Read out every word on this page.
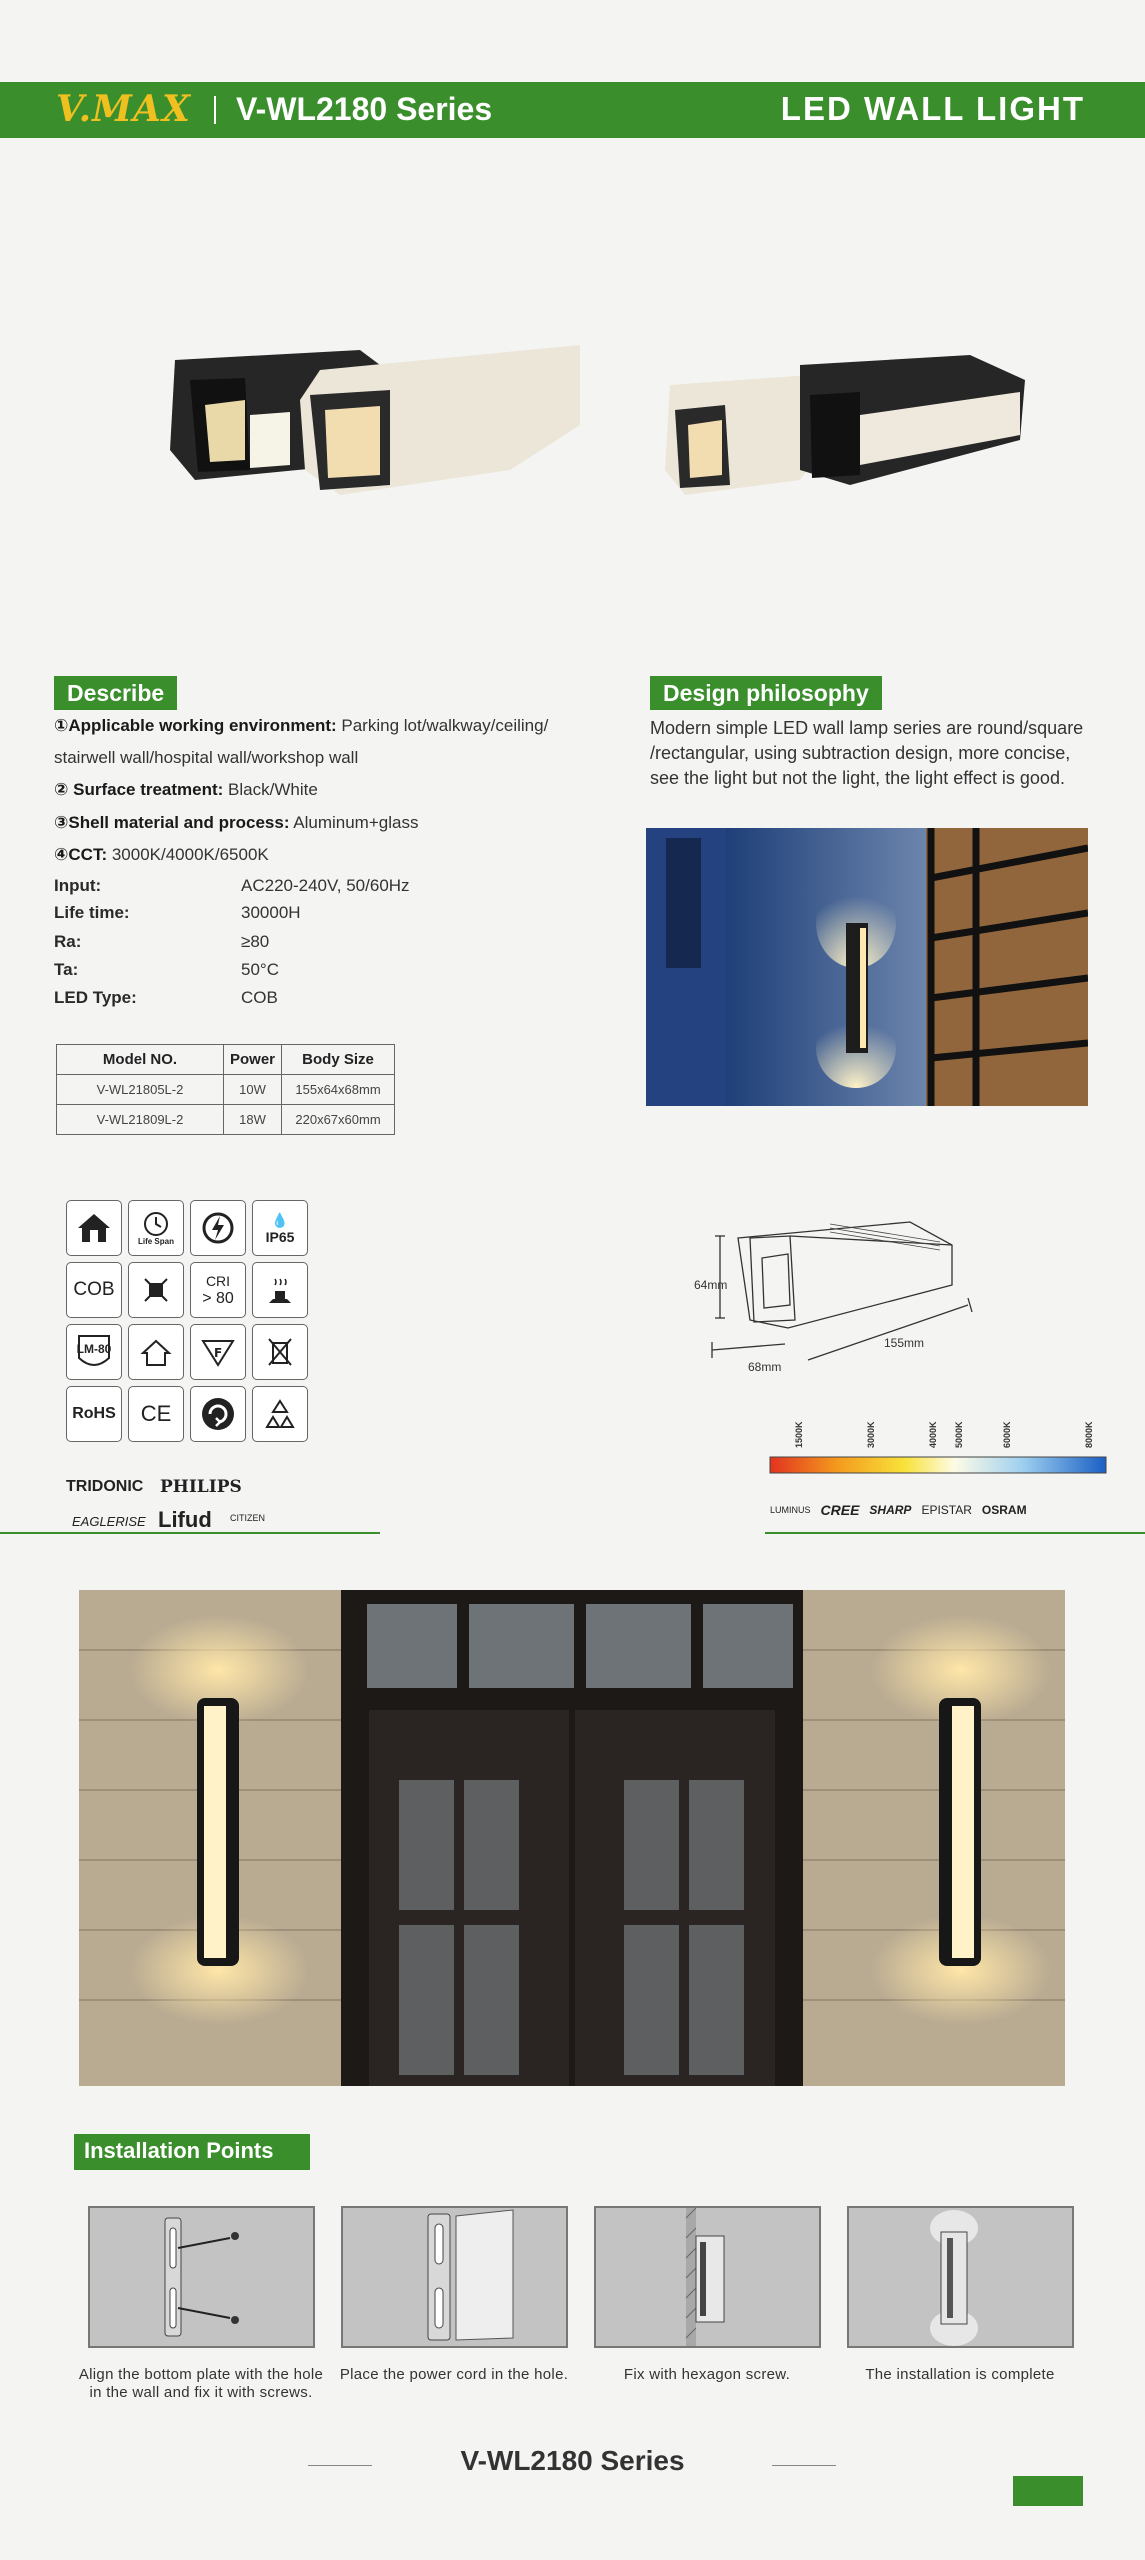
V.MAX V-WL2180 Series	LED WALL LIGHT
Describe
①Applicable working environment: Parking lot/walkway/ceiling/
stairwell wall/hospital wall/workshop wall
② Surface treatment: Black/White
③Shell material and process: Aluminum+glass
④CCT: 3000K/4000K/6500K
Input:	AC220-240V, 50/60Hz
Life time:	30000H
Ra:	≥80
Ta:	50°C
LED Type:	COB
Model NO.	Power	Body Size
V-WL21805L-2	10W	155x64x68mm
V-WL21809L-2	18W	220x67x60mm
Design philosophy
Modern simple LED wall lamp series are round/square
/rectangular, using subtraction design, more concise,
see the light but not the light, the light effect is good.
Life Span
💧
IP65
COB	CRI
> 80
LM-80	F
RoHS CE
TRIDONIC PHILIPS
EAGLERISE Lifud CITIZEN
64mm
68mm
155mm
1500K	3000K	4000K 5000K	6000K	8000K
LUMINUS CREE SHARP EPISTAR OSRAM
Installation Points
Align the bottom plate with the hole in the wall and fix it with screws.
Place the power cord in the hole.	Fix with hexagon screw.	The installation is complete
V-WL2180 Series
